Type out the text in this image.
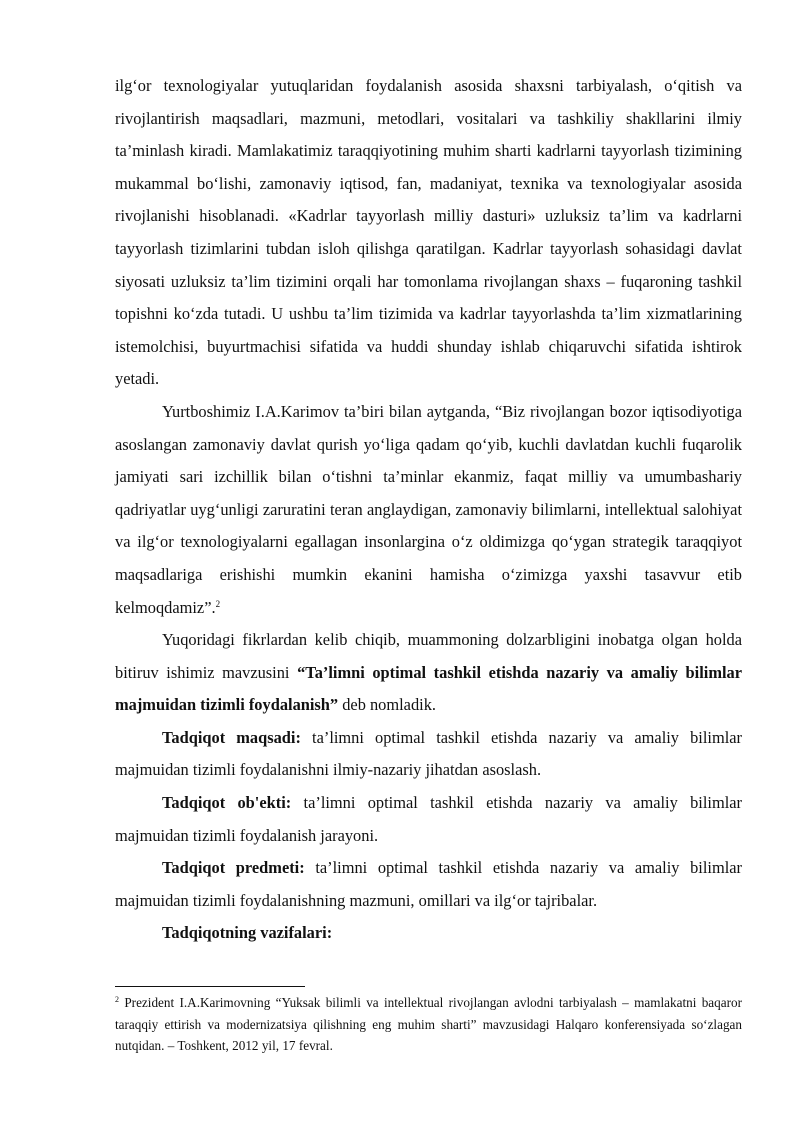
ilg‘or texnologiyalar yutuqlaridan foydalanish asosida shaxsni tarbiyalash, o‘qitish va rivojlantirish maqsadlari, mazmuni, metodlari, vositalari va tashkiliy shakllarini ilmiy ta’minlash kiradi. Mamlakatimiz taraqqiyotining muhim sharti kadrlarni tayyorlash tizimining mukammal bo‘lishi, zamonaviy iqtisod, fan, madaniyat, texnika va texnologiyalar asosida rivojlanishi hisoblanadi. «Kadrlar tayyorlash milliy dasturi» uzluksiz ta’lim va kadrlarni tayyorlash tizimlarini tubdan isloh qilishga qaratilgan. Kadrlar tayyorlash sohasidagi davlat siyosati uzluksiz ta’lim tizimini orqali har tomonlama rivojlangan shaxs – fuqaroning tashkil topishni ko‘zda tutadi. U ushbu ta’lim tizimida va kadrlar tayyorlashda ta’lim xizmatlarining istemolchisi, buyurtmachisi sifatida va huddi shunday ishlab chiqaruvchi sifatida ishtirok yetadi.

Yurtboshimiz I.A.Karimov ta’biri bilan aytganda, “Biz rivojlangan bozor iqtisodiyotiga asoslangan zamonaviy davlat qurish yo‘liga qadam qo‘yib, kuchli davlatdan kuchli fuqarolik jamiyati sari izchillik bilan o‘tishni ta’minlar ekanmiz, faqat milliy va umumbashariy qadriyatlar uyg‘unligi zaruratini teran anglaydigan, zamonaviy bilimlarni, intellektual salohiyat va ilg‘or texnologiyalarni egallagan insonlargina o‘z oldimizga qo‘ygan strategik taraqqiyot maqsadlariga erishishi mumkin ekanini hamisha o‘zimizga yaxshi tasavvur etib kelmoqdamiz”.$^2$

Yuqoridagi fikrlardan kelib chiqib, muammoning dolzarbligini inobatga olgan holda bitiruv ishimiz mavzusini “Ta’limni optimal tashkil etishda nazariy va amaliy bilimlar majmuidan tizimli foydalanish” deb nomladik.

Tadqiqot maqsadi: ta’limni optimal tashkil etishda nazariy va amaliy bilimlar majmuidan tizimli foydalanishni ilmiy-nazariy jihatdan asoslash.

Tadqiqot ob'ekti: ta’limni optimal tashkil etishda nazariy va amaliy bilimlar majmuidan tizimli foydalanish jarayoni.

Tadqiqot predmeti: ta’limni optimal tashkil etishda nazariy va amaliy bilimlar majmuidan tizimli foydalanishning mazmuni, omillari va ilg‘or tajribalar.

Tadqiqotning vazifalari:

$^2$ Prezident I.A.Karimovning “Yuksak bilimli va intellektual rivojlangan avlodni tarbiyalash – mamlakatni baqaror taraqqiy ettirish va modernizatsiya qilishning eng muhim sharti” mavzusidagi Halqaro konferensiyada so‘zlagan nutqidan. – Toshkent, 2012 yil, 17 fevral.
